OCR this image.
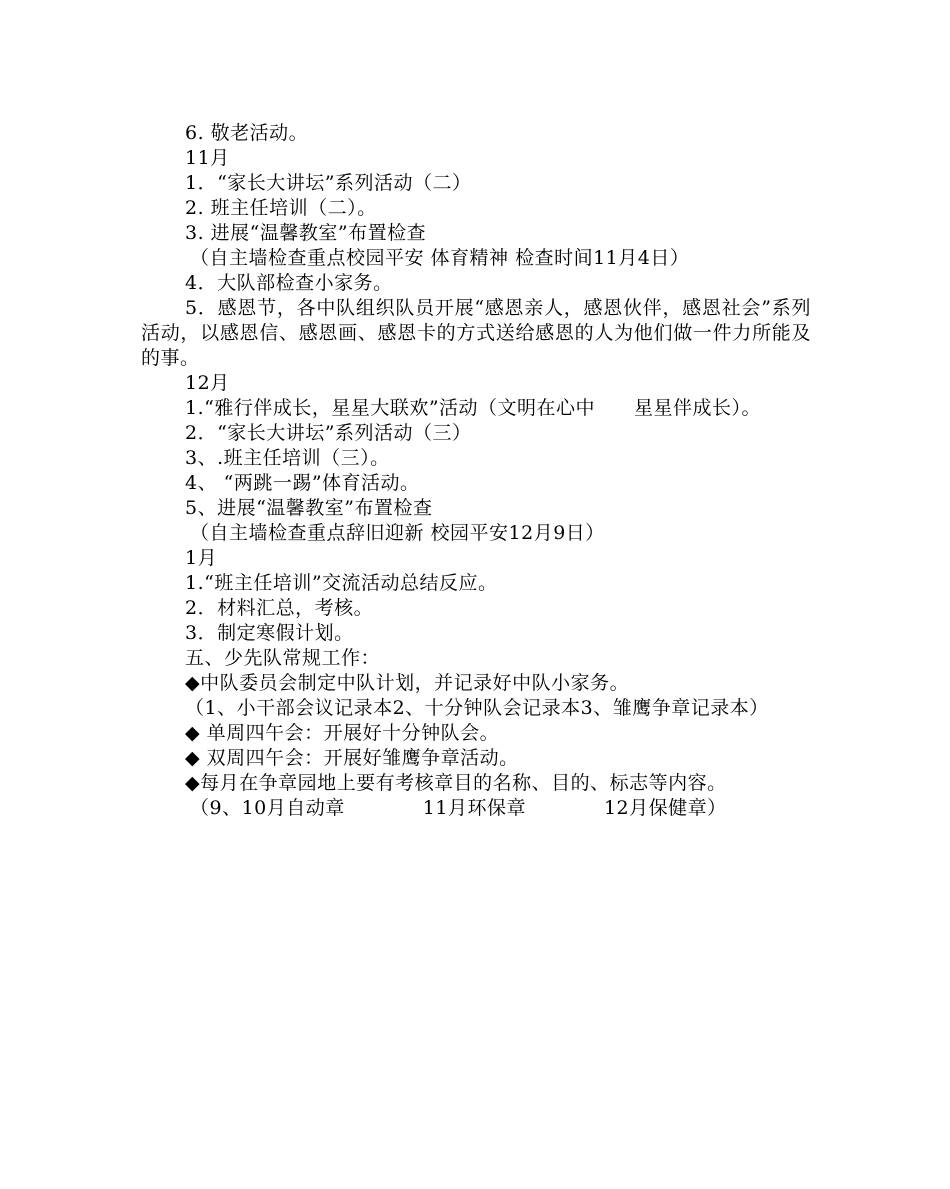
6. 敬老活动。
11月
1．“家长大讲坛”系列活动（二）
2. 班主任培训（二）。
3. 进展“温馨教室”布置检查
（自主墙检查重点校园平安 体育精神 检查时间11月4日）
4．大队部检查小家务。
5．感恩节，各中队组织队员开展“感恩亲人，感恩伙伴，感恩社会”系列活动，以感恩信、感恩画、感恩卡的方式送给感恩的人为他们做一件力所能及的事。
12月
1.“雅行伴成长，星星大联欢”活动（文明在心中　　星星伴成长）。
2．“家长大讲坛”系列活动（三）
3、.班主任培训（三）。
4、 “两跳一踢”体育活动。
5、进展“温馨教室”布置检查
（自主墙检查重点辞旧迎新 校园平安12月9日）
1月
1.“班主任培训”交流活动总结反应。
2．材料汇总，考核。
3．制定寒假计划。
五、少先队常规工作：
◆中队委员会制定中队计划，并记录好中队小家务。
（1、小干部会议记录本2、十分钟队会记录本3、雏鹰争章记录本）
◆ 单周四午会：开展好十分钟队会。
◆ 双周四午会：开展好雏鹰争章活动。
◆每月在争章园地上要有考核章目的名称、目的、标志等内容。
（9、10月自动章　　　　11月环保章　　　　12月保健章）
